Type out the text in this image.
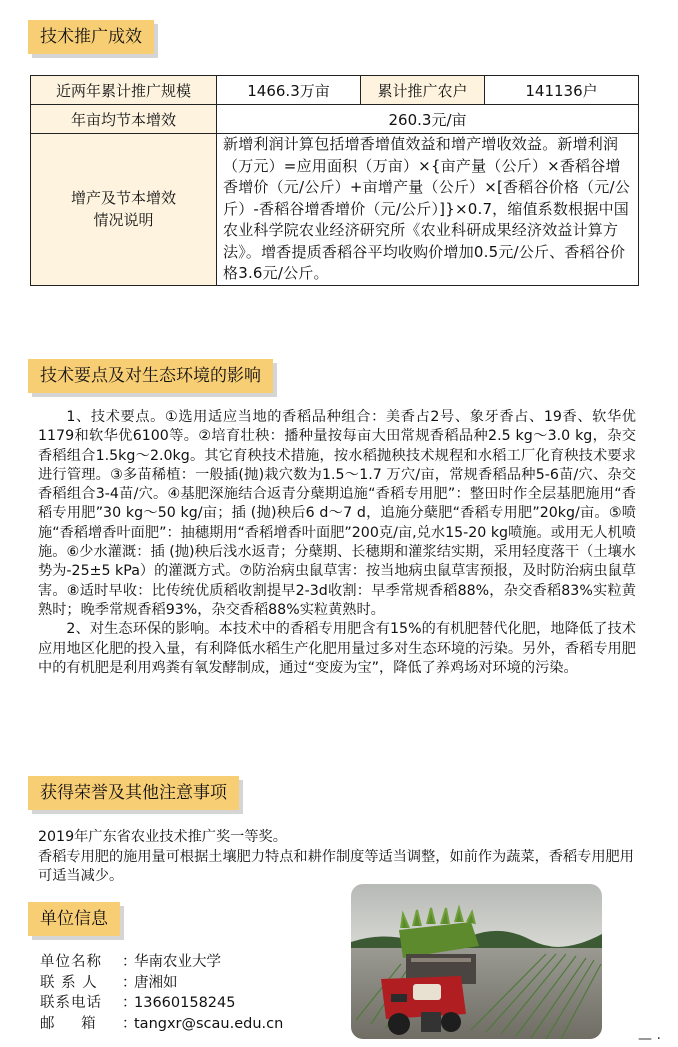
技术推广成效
近两年累计推广规模	1466.3万亩	累计推广农户	141136户
年亩均节本增效	260.3元/亩		

增产及节本增效
情况说明	新增利润计算包括增香增值效益和增产增收效益。新增利润（万元）=应用面积（万亩）×{亩产量（公斤）×香稻谷增香增价（元/公斤）+亩增产量（公斤）×[香稻谷价格（元/公斤）-香稻谷增香增价（元/公斤）]}×0.7，缩值系数根据中国农业科学院农业经济研究所《农业科研成果经济效益计算方法》。增香提质香稻谷平均收购价增加0.5元/公斤、香稻谷价格3.6元/公斤。		
技术要点及对生态环境的影响

1、技术要点。①选用适应当地的香稻品种组合：美香占2号、象牙香占、19香、软华优1179和软华优6100等。②培育壮秧：播种量按每亩大田常规香稻品种2.5 kg～3.0 kg，杂交香稻组合1.5kg～2.0kg。其它育秧技术措施，按水稻抛秧技术规程和水稻工厂化育秧技术要求进行管理。③多苗稀植：一般插(抛)栽穴数为1.5～1.7 万穴/亩，常规香稻品种5-6苗/穴、杂交香稻组合3-4苗/穴。④基肥深施结合返青分蘖期追施“香稻专用肥”：整田时作全层基肥施用“香稻专用肥”30 kg～50 kg/亩；插 (抛)秧后6 d～7 d，追施分蘖肥“香稻专用肥”20kg/亩。⑤喷施“香稻增香叶面肥”：抽穗期用“香稻增香叶面肥”200克/亩,兑水15-20 kg喷施。或用无人机喷施。⑥少水灌溉：插 (抛)秧后浅水返青；分蘖期、长穗期和灌浆结实期，采用轻度落干（土壤水势为-25±5 kPa）的灌溉方式。⑦防治病虫鼠草害：按当地病虫鼠草害预报，及时防治病虫鼠草害。⑧适时早收：比传统优质稻收割提早2-3d收割：早季常规香稻88%，杂交香稻83%实粒黄熟时；晚季常规香稻93%，杂交香稻88%实粒黄熟时。

2、对生态环保的影响。本技术中的香稻专用肥含有15%的有机肥替代化肥，地降低了技术应用地区化肥的投入量，有利降低水稻生产化肥用量过多对生态环境的污染。另外，香稻专用肥中的有机肥是利用鸡粪有氧发酵制成，通过“变废为宝”，降低了养鸡场对环境的污染。

获得荣誉及其他注意事项

2019年广东省农业技术推广奖一等奖。

香稻专用肥的施用量可根据土壤肥力特点和耕作制度等适当调整，如前作为蔬菜，香稻专用肥用可适当减少。

单位信息
单位名称	：
华南农业大学
联 系 人	：
唐湘如
联系电话	：
13660158245
邮 箱	：
tangxr@scau.edu.cn
— ·
